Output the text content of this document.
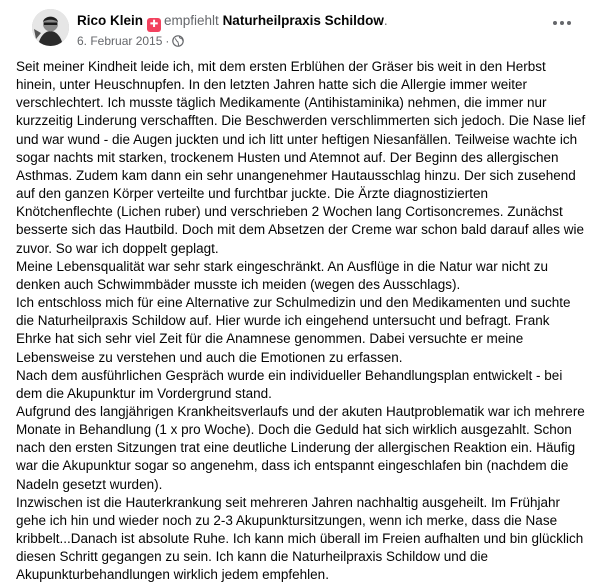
Rico Klein ✚ empfiehlt Naturheilpraxis Schildow.
6. Februar 2015 ·

Seit meiner Kindheit leide ich, mit dem ersten Erblühen der Gräser bis weit in den Herbst hinein, unter Heuschnupfen. In den letzten Jahren hatte sich die Allergie immer weiter verschlechtert. Ich musste täglich Medikamente (Antihistaminika) nehmen, die immer nur kurzzeitig Linderung verschafften. Die Beschwerden verschlimmerten sich jedoch. Die Nase lief und war wund - die Augen juckten und ich litt unter heftigen Niesanfällen. Teilweise wachte ich sogar nachts mit starken, trockenem Husten und Atemnot auf. Der Beginn des allergischen Asthmas. Zudem kam dann ein sehr unangenehmer Hautausschlag hinzu. Der sich zusehend auf den ganzen Körper verteilte und furchtbar juckte. Die Ärzte diagnostizierten Knötchenflechte (Lichen ruber) und verschrieben 2 Wochen lang Cortisoncremes. Zunächst besserte sich das Hautbild. Doch mit dem Absetzen der Creme war schon bald darauf alles wie zuvor. So war ich doppelt geplagt.

Meine Lebensqualität war sehr stark eingeschränkt. An Ausflüge in die Natur war nicht zu denken auch Schwimmbäder musste ich meiden (wegen des Ausschlags).

Ich entschloss mich für eine Alternative zur Schulmedizin und den Medikamenten und suchte die Naturheilpraxis Schildow auf. Hier wurde ich eingehend untersucht und befragt. Frank Ehrke hat sich sehr viel Zeit für die Anamnese genommen. Dabei versuchte er meine Lebensweise zu verstehen und auch die Emotionen zu erfassen.

Nach dem ausführlichen Gespräch wurde ein individueller Behandlungsplan entwickelt - bei dem die Akupunktur im Vordergrund stand.

Aufgrund des langjährigen Krankheitsverlaufs und der akuten Hautproblematik war ich mehrere Monate in Behandlung (1 x pro Woche). Doch die Geduld hat sich wirklich ausgezahlt. Schon nach den ersten Sitzungen trat eine deutliche Linderung der allergischen Reaktion ein. Häufig war die Akupunktur sogar so angenehm, dass ich entspannt eingeschlafen bin (nachdem die Nadeln gesetzt wurden).

Inzwischen ist die Hauterkrankung seit mehreren Jahren nachhaltig ausgeheilt. Im Frühjahr gehe ich hin und wieder noch zu 2-3 Akupunktursitzungen, wenn ich merke, dass die Nase kribbelt...Danach ist absolute Ruhe. Ich kann mich überall im Freien aufhalten und bin glücklich diesen Schritt gegangen zu sein. Ich kann die Naturheilpraxis Schildow und die Akupunkturbehandlungen wirklich jedem empfehlen.
